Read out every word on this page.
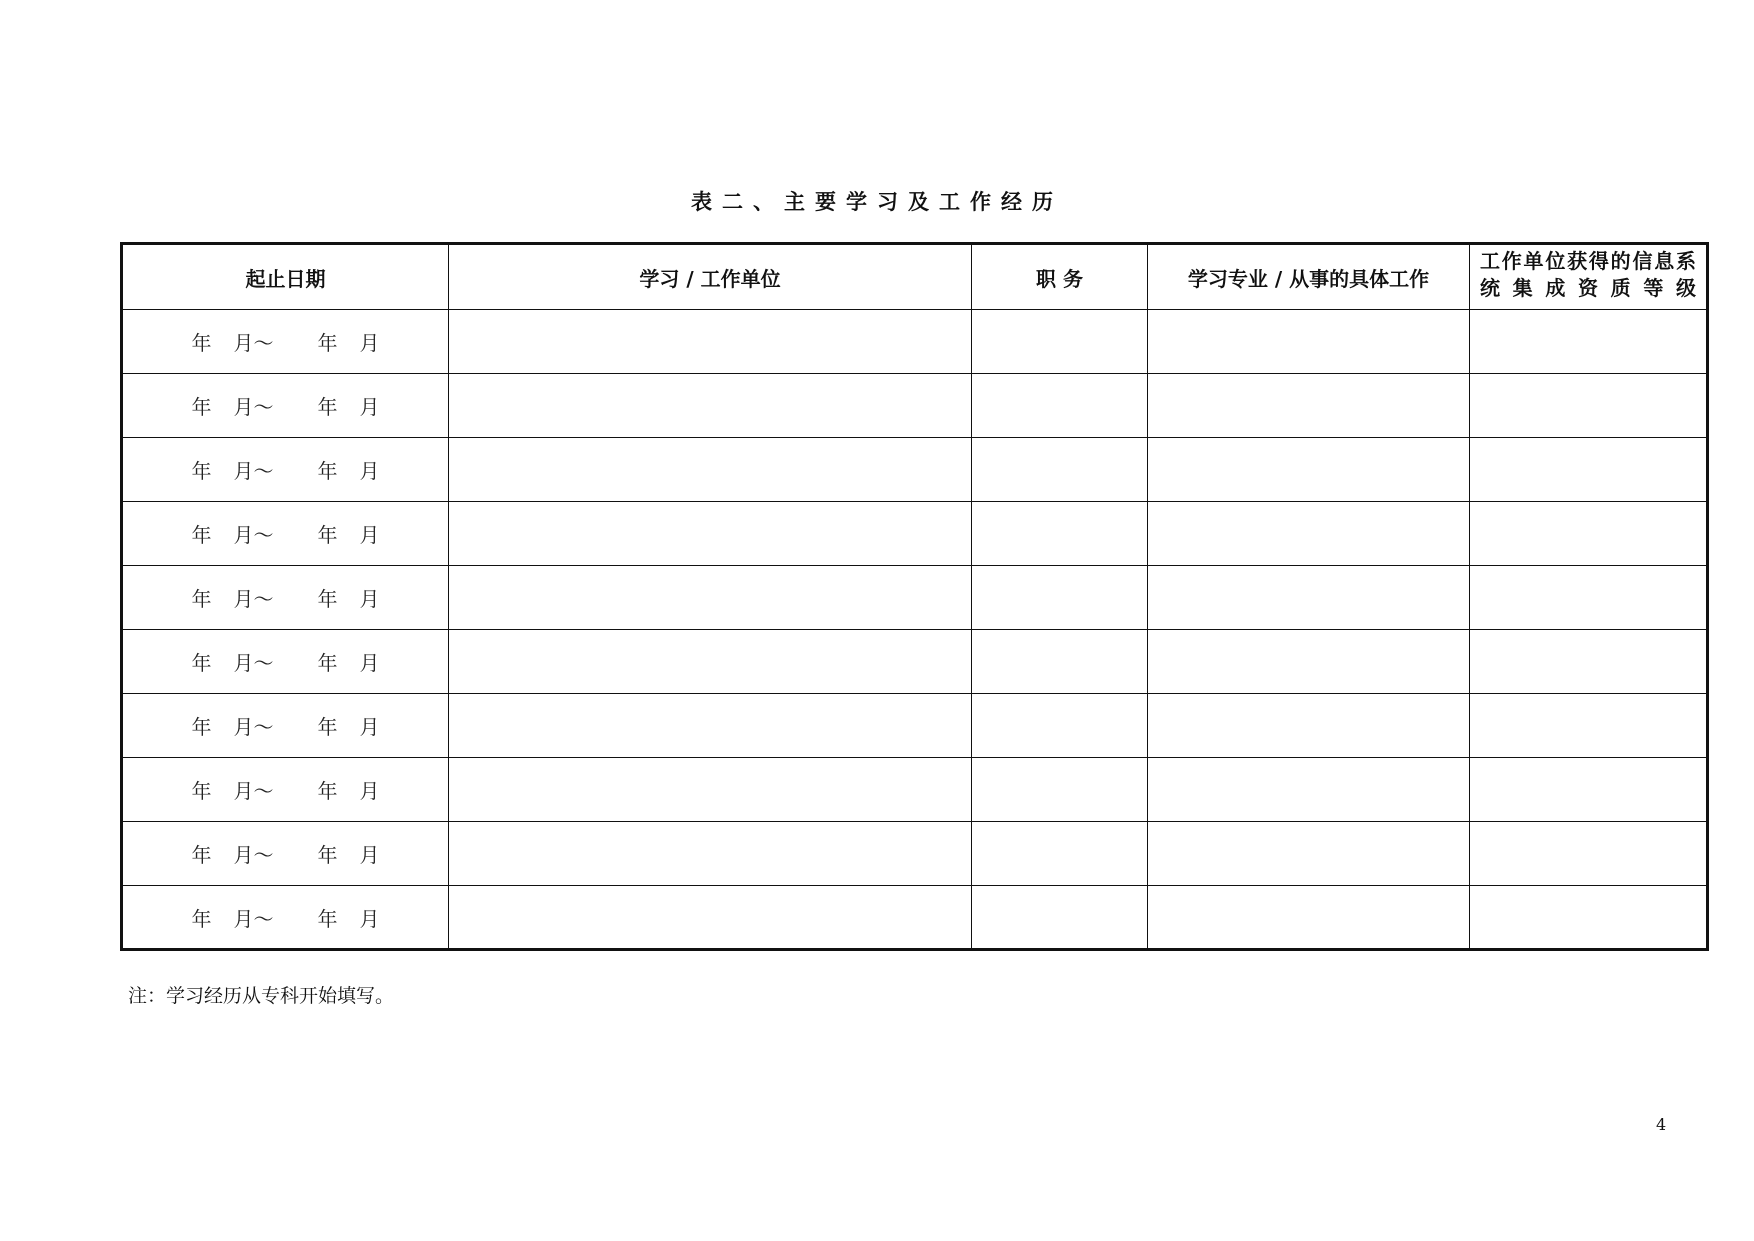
表二、主要学习及工作经历
起止日期	学习 / 工作单位	职 务	学习专业 / 从事的具体工作	工作单位获得的信息系统集成资质等级

年 月～ 年 月				
年 月～ 年 月				
年 月～ 年 月				
年 月～ 年 月				
年 月～ 年 月				
年 月～ 年 月				
年 月～ 年 月				
年 月～ 年 月				
年 月～ 年 月				
年 月～ 年 月				
注：学习经历从专科开始填写。
4
